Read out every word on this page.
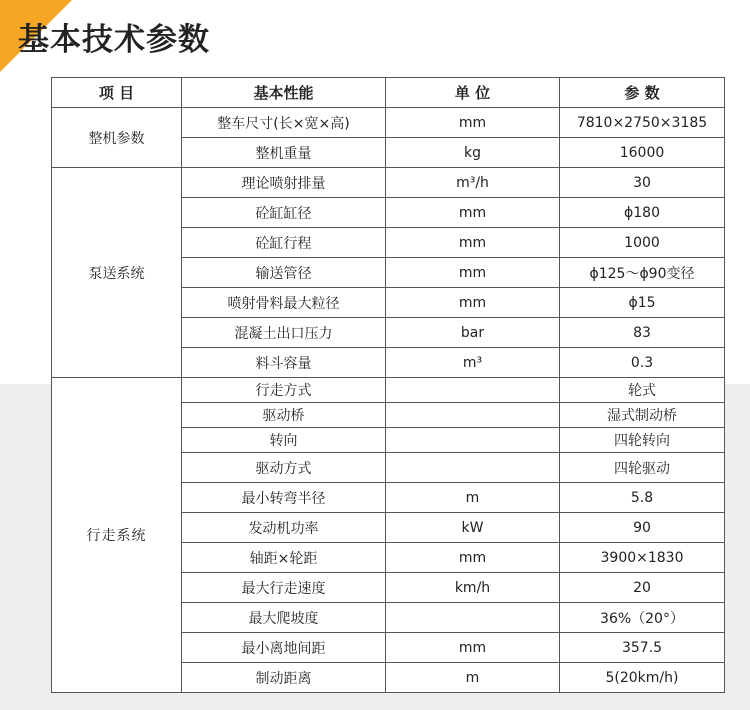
基本技术参数
项 目	基本性能	单 位	参 数
整机参数	整车尺寸(长×宽×高)	mm	7810×2750×3185
	整机重量	kg	16000
泵送系统	理论喷射排量	m³/h	30
	砼缸缸径	mm	ϕ180
	砼缸行程	mm	1000
	输送管径	mm	ϕ125～ϕ90变径
	喷射骨料最大粒径	mm	ϕ15
	混凝土出口压力	bar	83
	料斗容量	m³	0.3
行走系统	行走方式		轮式
	驱动桥		湿式制动桥
	转向		四轮转向
	驱动方式		四轮驱动
	最小转弯半径	m	5.8
	发动机功率	kW	90
	轴距×轮距	mm	3900×1830
	最大行走速度	km/h	20
	最大爬坡度		36%（20°）
	最小离地间距	mm	357.5
	制动距离	m	5(20km/h)
